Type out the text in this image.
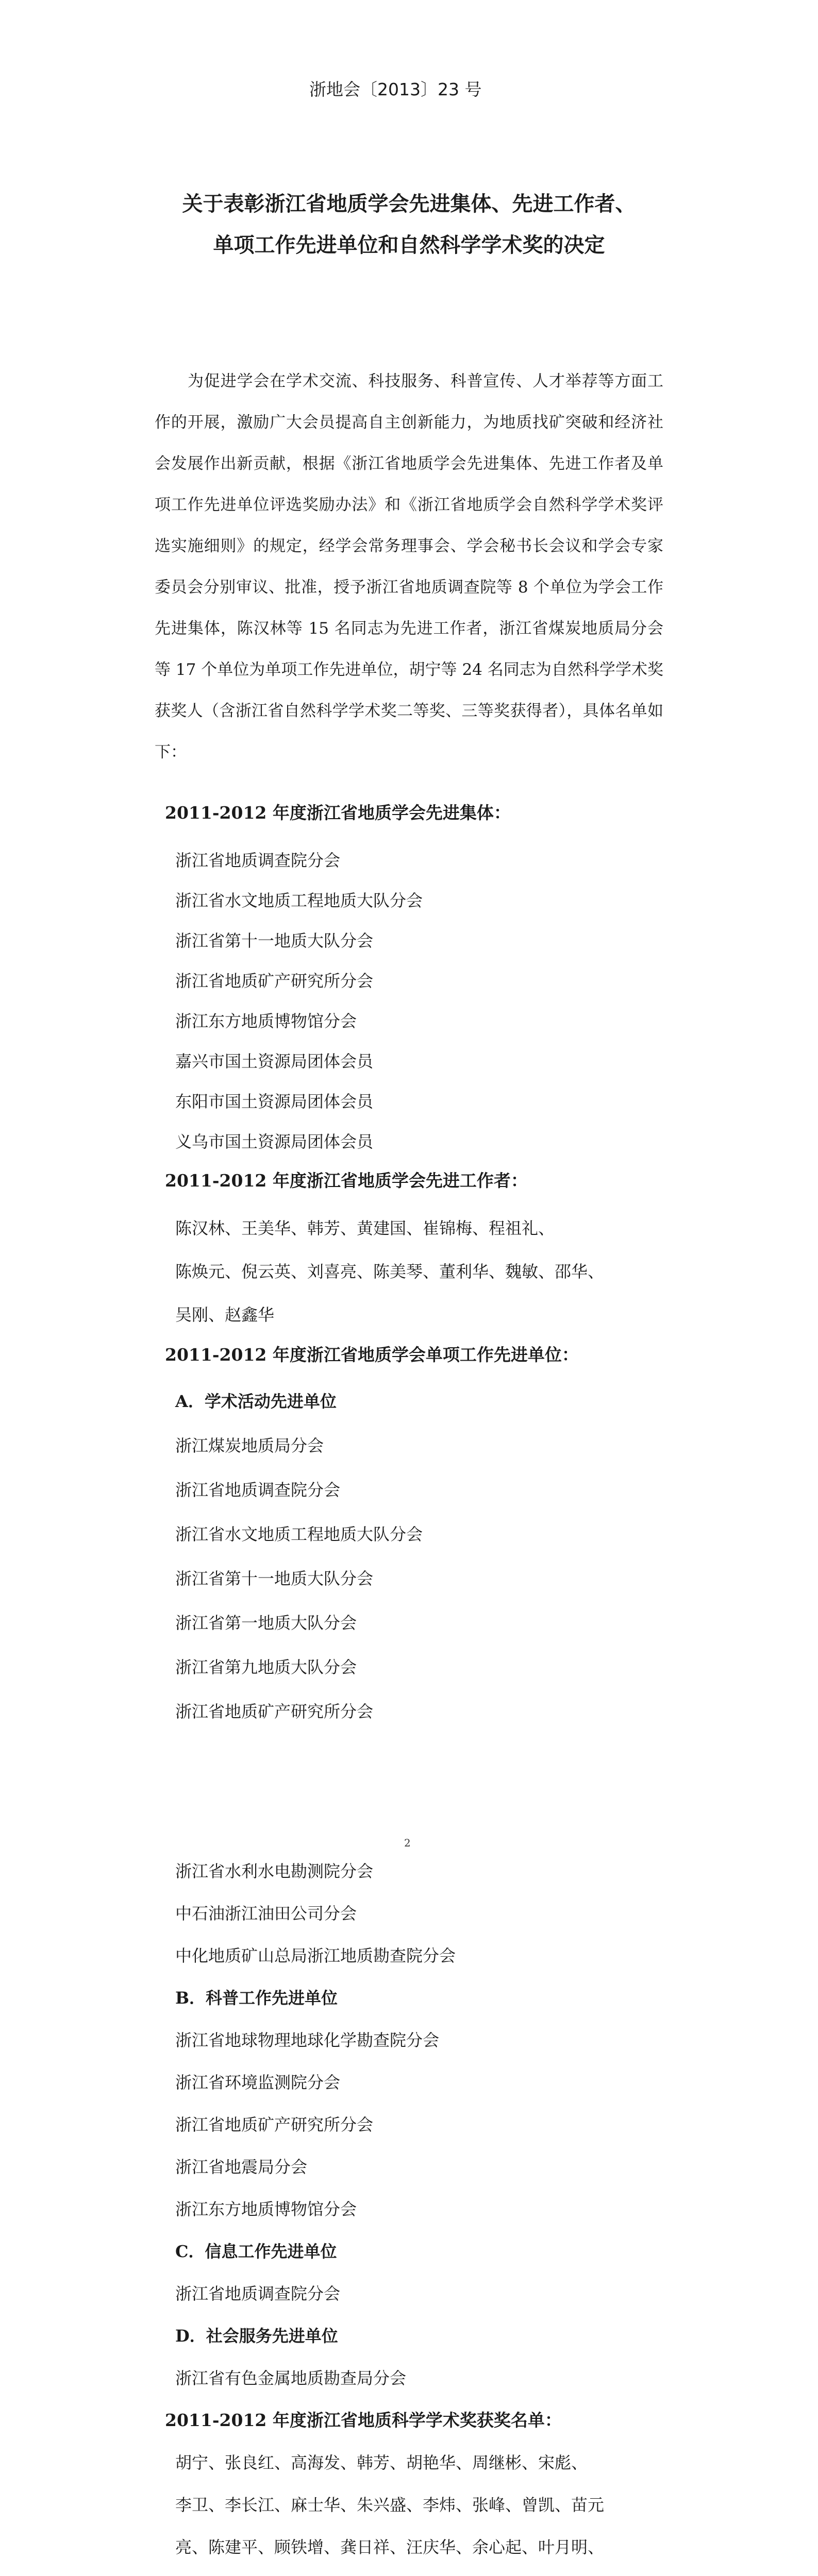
浙地会〔2013〕23 号
关于表彰浙江省地质学会先进集体、先进工作者、
单项工作先进单位和自然科学学术奖的决定

为促进学会在学术交流、科技服务、科普宣传、人才举荐等方面工作的开展，激励广大会员提高自主创新能力，为地质找矿突破和经济社会发展作出新贡献，根据《浙江省地质学会先进集体、先进工作者及单项工作先进单位评选奖励办法》和《浙江省地质学会自然科学学术奖评选实施细则》的规定，经学会常务理事会、学会秘书长会议和学会专家委员会分别审议、批准，授予浙江省地质调查院等 8 个单位为学会工作先进集体，陈汉林等 15 名同志为先进工作者，浙江省煤炭地质局分会等 17 个单位为单项工作先进单位，胡宁等 24 名同志为自然科学学术奖获奖人（含浙江省自然科学学术奖二等奖、三等奖获得者），具体名单如下：

2011-2012 年度浙江省地质学会先进集体：
浙江省地质调查院分会
浙江省水文地质工程地质大队分会
浙江省第十一地质大队分会
浙江省地质矿产研究所分会
浙江东方地质博物馆分会
嘉兴市国土资源局团体会员
东阳市国土资源局团体会员
义乌市国土资源局团体会员
2011-2012 年度浙江省地质学会先进工作者：
陈汉林、王美华、韩芳、黄建国、崔锦梅、程祖礼、
陈焕元、倪云英、刘喜亮、陈美琴、董利华、魏敏、邵华、
吴刚、赵鑫华
2011-2012 年度浙江省地质学会单项工作先进单位：
A．学术活动先进单位
浙江煤炭地质局分会
浙江省地质调查院分会
浙江省水文地质工程地质大队分会
浙江省第十一地质大队分会
浙江省第一地质大队分会
浙江省第九地质大队分会
浙江省地质矿产研究所分会
2
浙江省水利水电勘测院分会
中石油浙江油田公司分会
中化地质矿山总局浙江地质勘查院分会
B．科普工作先进单位
浙江省地球物理地球化学勘查院分会
浙江省环境监测院分会
浙江省地质矿产研究所分会
浙江省地震局分会
浙江东方地质博物馆分会
C．信息工作先进单位
浙江省地质调查院分会
D．社会服务先进单位
浙江省有色金属地质勘查局分会
2011-2012 年度浙江省地质科学学术奖获奖名单：
胡宁、张良红、高海发、韩芳、胡艳华、周继彬、宋彪、
李卫、李长江、麻士华、朱兴盛、李炜、张峰、曾凯、苗元
亮、陈建平、顾铁增、龚日祥、汪庆华、余心起、叶月明、
